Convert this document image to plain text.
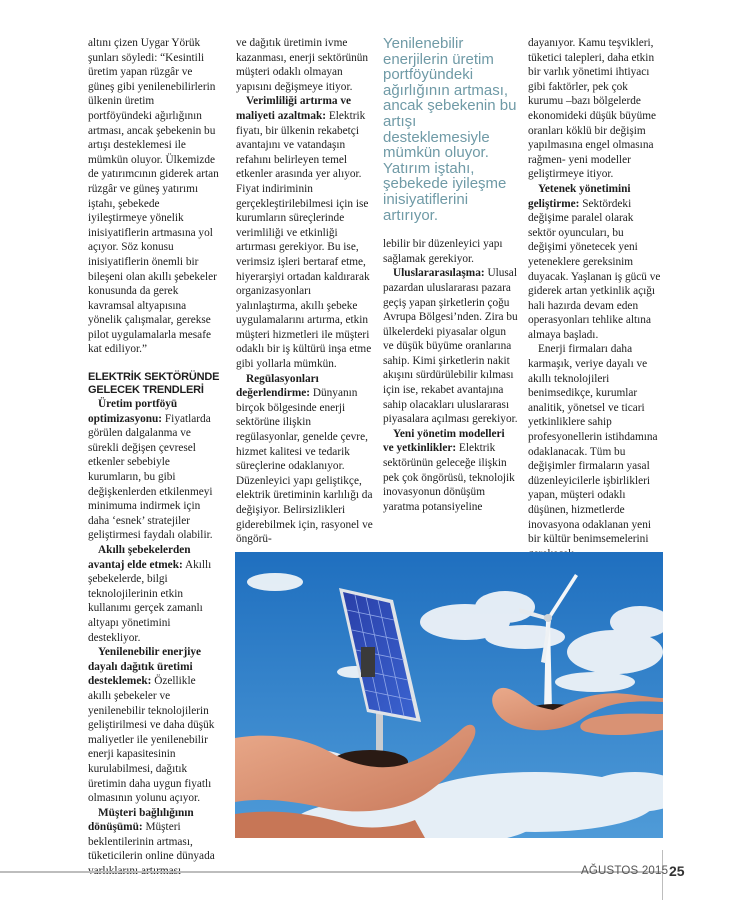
altını çizen Uygar Yörük şunları söyledi: “Kesintili üretim yapan rüzgâr ve güneş gibi yenilenebilirlerin ülkenin üretim portföyündeki ağırlığının artması, ancak şebekenin bu artışı desteklemesi ile mümkün oluyor. Ülkemizde de yatırımcının giderek artan rüzgâr ve güneş yatırımı iştahı, şebekede iyileştirmeye yönelik inisiyatiflerin artmasına yol açıyor. Söz konusu inisiyatiflerin önemli bir bileşeni olan akıllı şebekeler konusunda da gerek kavramsal altyapısına yönelik çalışmalar, gerekse pilot uygulamalarla mesafe kat ediliyor.”

ELEKTRİK SEKTÖRÜNDE

GELECEK TRENDLERİ

Üretim portföyü optimizasyonu: Fiyatlarda görülen dalgalanma ve sürekli değişen çevresel etkenler sebebiyle kurumların, bu gibi değişkenlerden etkilenmeyi minimuma indirmek için daha ‘esnek’ stratejiler geliştirmesi faydalı olabilir.

Akıllı şebekelerden avantaj elde etmek: Akıllı şebekelerde, bilgi teknolojilerinin etkin kullanımı gerçek zamanlı altyapı yönetimini destekliyor.

Yenilenebilir enerjiye dayalı dağıtık üretimi desteklemek: Özellikle akıllı şebekeler ve yenilenebilir teknolojilerin geliştirilmesi ve daha düşük maliyetler ile yenilenebilir enerji kapasitesinin kurulabilmesi, dağıtık üretimin daha uygun fiyatlı olmasının yolunu açıyor.

Müşteri bağlılığının dönüşümü: Müşteri beklentilerinin artması, tüketicilerin online dünyada

ve dağıtık üretimin ivme kazanması, enerji sektörünün müşteri odaklı olmayan yapısını değişmeye itiyor.

Verimliliği artırma ve maliyeti azaltmak: Elektrik fiyatı, bir ülkenin rekabetçi avantajını ve vatandaşın refahını belirleyen temel etkenler arasında yer alıyor. Fiyat indiriminin gerçekleştirilebilmesi için ise kurumların süreçlerinde verimliliği ve etkinliği artırması gerekiyor. Bu ise, verimsiz işleri bertaraf etme, hiyerarşiyi ortadan kaldırarak organizasyonları yalınlaştırma, akıllı şebeke uygulamalarını artırma, etkin müşteri hizmetleri ile müşteri odaklı bir iş kültürü inşa etme gibi yollarla mümkün.

Regülasyonları değerlendirme: Dünyanın birçok bölgesinde enerji sektörüne ilişkin regülasyonlar, genelde çevre, hizmet kalitesi ve tedarik süreçlerine odaklanıyor. Düzenleyici yapı geliştikçe, elektrik üretiminin karlılığı da değişiyor. Belirsizlikleri giderebilmek için, rasyonel ve öngörü-

Yenilenebilir enerjilerin üretim portföyündeki ağırlığının artması, ancak şebekenin bu artışı desteklemesiyle mümkün oluyor. Yatırım iştahı, şebekede iyileşme inisiyatiflerini artırıyor.

lebilir bir düzenleyici yapı sağlamak gerekiyor.

Uluslararasılaşma: Ulusal pazardan uluslararası pazara geçiş yapan şirketlerin çoğu Avrupa Bölgesi’nden. Zira bu ülkelerdeki piyasalar olgun ve düşük büyüme oranlarına sahip. Kimi şirketlerin nakit akışını sürdürülebilir kılması için ise, rekabet avantajına sahip olacakları uluslararası piyasalara açılması gerekiyor.

Yeni yönetim modelleri ve yetkinlikler: Elektrik sektörünün geleceğe ilişkin pek çok öngörüsü, teknolojik inovasyonun dönüşüm yaratma potansiyeline

dayanıyor. Kamu teşvikleri, tüketici talepleri, daha etkin bir varlık yönetimi ihtiyacı gibi faktörler, pek çok kurumu –bazı bölgelerde ekonomideki düşük büyüme oranları köklü bir değişim yapılmasına engel olmasına rağmen- yeni modeller geliştirmeye itiyor.

Yetenek yönetimini geliştirme: Sektördeki değişime paralel olarak sektör oyuncuları, bu değişimi yönetecek yeni yeteneklere gereksinim duyacak. Yaşlanan iş gücü ve giderek artan yetkinlik açığı hali hazırda devam eden operasyonları tehlike altına almaya başladı.

Enerji firmaları daha karmaşık, veriye dayalı ve akıllı teknolojileri benimsedikçe, kurumlar analitik, yönetsel ve ticari yetkinliklere sahip profesyonellerin istihdamına odaklanacak. Tüm bu değişimler firmaların yasal düzenleyicilerle işbirlikleri yapan, müşteri odaklı düşünen, hizmetlerde inovasyona odaklanan yeni bir kültür benimsemelerini

AĞUSTOS 2015 25
